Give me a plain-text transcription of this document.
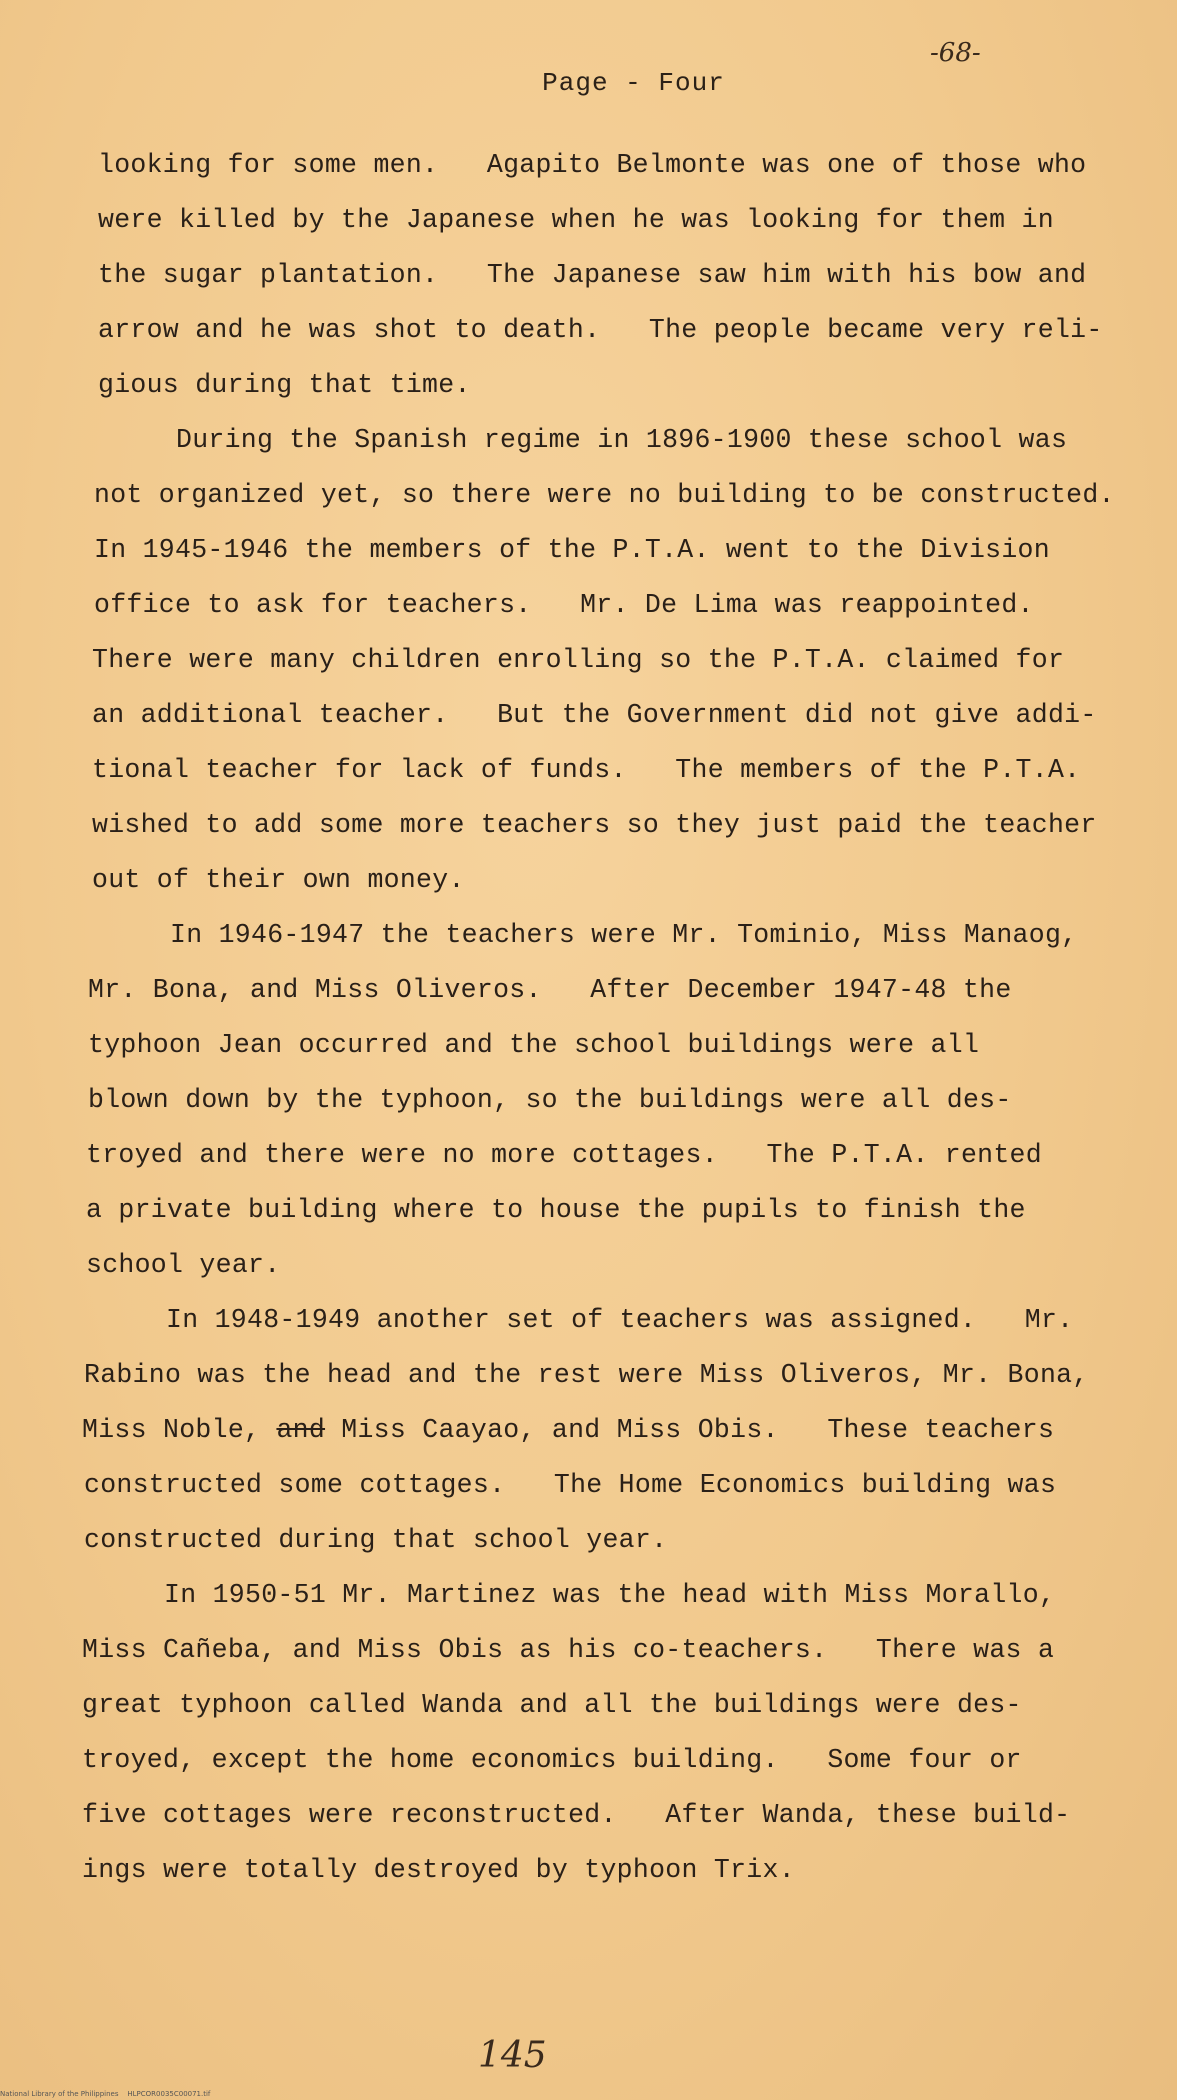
-68-
Page - Four
looking for some men.   Agapito Belmonte was one of those who
were killed by the Japanese when he was looking for them in
the sugar plantation.   The Japanese saw him with his bow and
arrow and he was shot to death.   The people became very reli-
gious during that time.
During the Spanish regime in 1896-1900 these school was
not organized yet, so there were no building to be constructed.
In 1945-1946 the members of the P.T.A. went to the Division
office to ask for teachers.   Mr. De Lima was reappointed.
There were many children enrolling so the P.T.A. claimed for
an additional teacher.   But the Government did not give addi-
tional teacher for lack of funds.   The members of the P.T.A.
wished to add some more teachers so they just paid the teacher
out of their own money.
In 1946-1947 the teachers were Mr. Tominio, Miss Manaog,
Mr. Bona, and Miss Oliveros.   After December 1947-48 the
typhoon Jean occurred and the school buildings were all
blown down by the typhoon, so the buildings were all des-
troyed and there were no more cottages.   The P.T.A. rented
a private building where to house the pupils to finish the
school year.
In 1948-1949 another set of teachers was assigned.   Mr.
Rabino was the head and the rest were Miss Oliveros, Mr. Bona,
Miss Noble, and Miss Caayao, and Miss Obis.   These teachers
constructed some cottages.   The Home Economics building was
constructed during that school year.
In 1950-51 Mr. Martinez was the head with Miss Morallo,
Miss Cañeba, and Miss Obis as his co-teachers.   There was a
great typhoon called Wanda and all the buildings were des-
troyed, except the home economics building.   Some four or
five cottages were reconstructed.   After Wanda, these build-
ings were totally destroyed by typhoon Trix.
145
National Library of the Philippines    HLPCOR0035C00071.tif
